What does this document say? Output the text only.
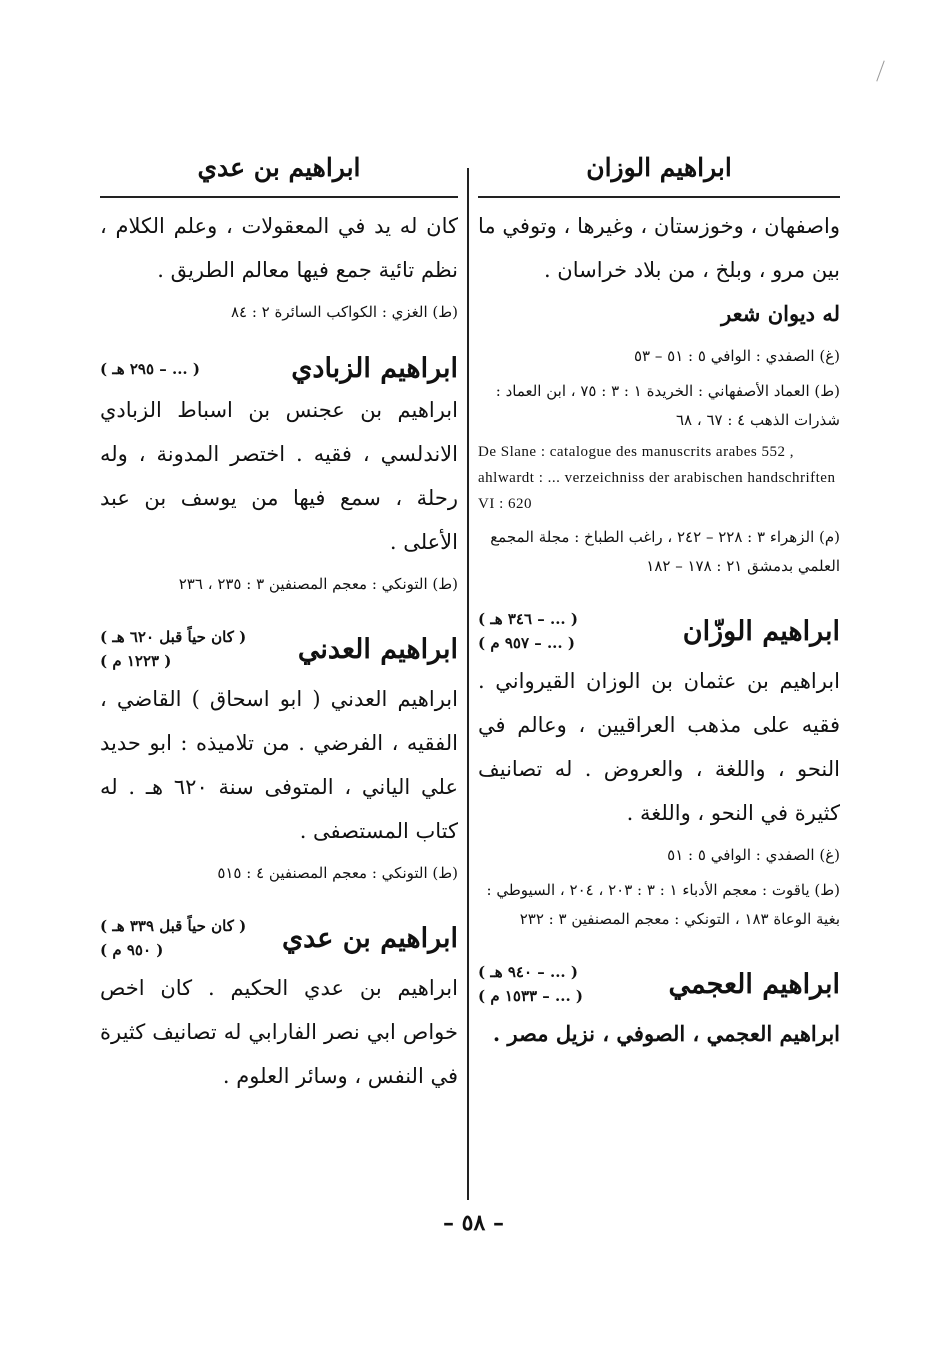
ابراهيم الوزان

واصفهان ، وخوزستان ، وغيرها ، وتوفي ما بين مرو ، وبلخ ، من بلاد خراسان .

له ديوان شعر

(غ) الصفدي : الوافي ٥ : ٥١ – ٥٣

(ط) العماد الأصفهاني : الخريدة ١ : ٣ : ٧٥ ، ابن العماد : شذرات الذهب ٤ : ٦٧ ، ٦٨

De Slane : catalogue des manuscrits arabes 552 , ahlwardt : ... verzeichniss der arabischen handschriften VI : 620

(م) الزهراء ٣ : ٢٢٨ – ٢٤٢ ، راغب الطباخ : مجلة المجمع العلمي بدمشق ٢١ : ١٧٨ – ١٨٢

ابراهيم الوزّان
( ... – ٣٤٦ هـ )
( ... – ٩٥٧ م )

ابراهيم بن عثمان بن الوزان القيرواني . فقيه على مذهب العراقيين ، وعالم في النحو ، واللغة ، والعروض . له تصانيف كثيرة في النحو ، واللغة .

(غ) الصفدي : الوافي ٥ : ٥١

(ط) ياقوت : معجم الأدباء ١ : ٣ : ٢٠٣ ، ٢٠٤ ، السيوطي : بغية الوعاة ١٨٣ ، التونكي : معجم المصنفين ٣ : ٢٣٢

ابراهيم العجمي
( ... – ٩٤٠ هـ )
( ... – ١٥٣٣ م )

ابراهيم العجمي ، الصوفي ، نزيل مصر .

ابراهيم بن عدي

كان له يد في المعقولات ، وعلم الكلام ، نظم تائية جمع فيها معالم الطريق .

(ط) الغزي : الكواكب السائرة ٢ : ٨٤

ابراهيم الزبادي
( ... – ٢٩٥ هـ )

ابراهيم بن عجنس بن اسباط الزبادي الاندلسي ، فقيه . اختصر المدونة ، وله رحلة ، سمع فيها من يوسف بن عبد الأعلى .

(ط) التونكي : معجم المصنفين ٣ : ٢٣٥ ، ٢٣٦

ابراهيم العدني
( كان حياً قبل ٦٢٠ هـ )
( ١٢٢٣ م )

ابراهيم العدني ( ابو اسحاق ) القاضي ، الفقيه ، الفرضي . من تلاميذه : ابو حديد علي الياني ، المتوفى سنة ٦٢٠ هـ . له كتاب المستصفى .

(ط) التونكي : معجم المصنفين ٤ : ٥١٥

ابراهيم بن عدي
( كان حياً قبل ٣٣٩ هـ )
( ٩٥٠ م )

ابراهيم بن عدي الحكيم . كان اخص خواص ابي نصر الفارابي له تصانيف كثيرة في النفس ، وسائر العلوم .

– ٥٨ –
